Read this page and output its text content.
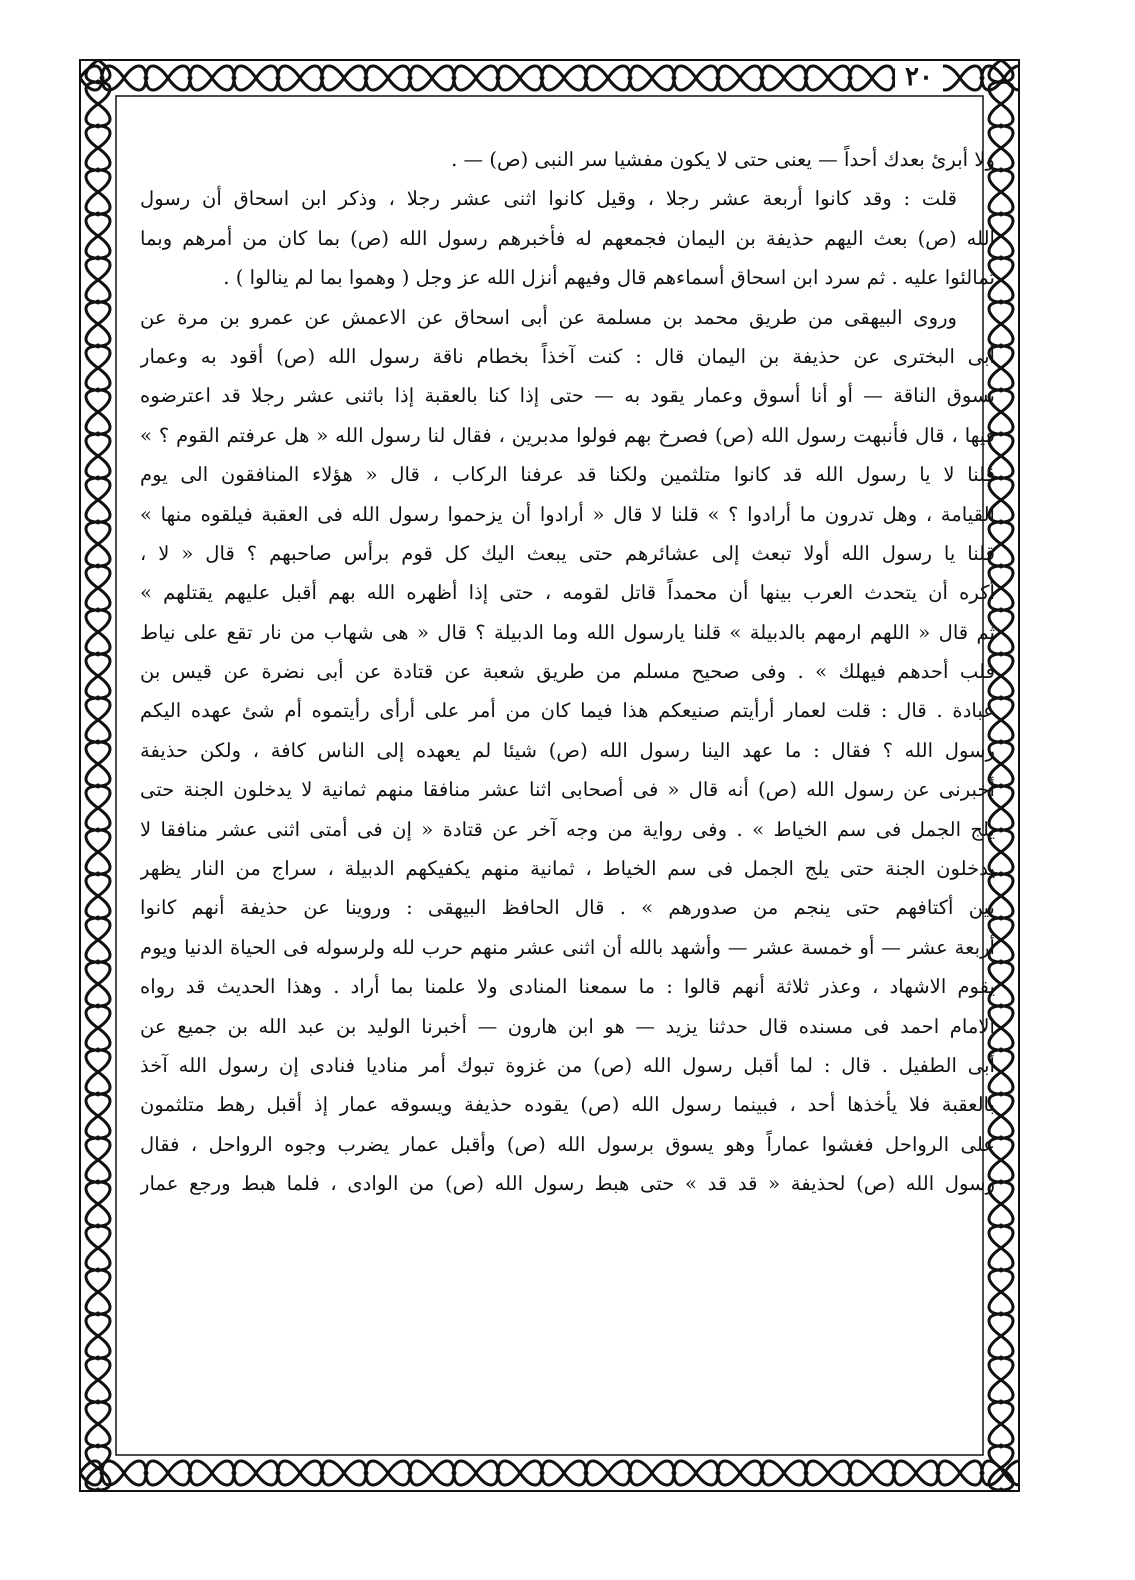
٢٠
ولا أبرئ بعدك أحداً — يعنى حتى لا يكون مفشيا سر النبى (ص) — .
قلت : وقد كانوا أربعة عشر رجلا ، وقيل كانوا اثنى عشر رجلا ، وذكر ابن اسحاق أن رسول
الله (ص) بعث اليهم حذيفة بن اليمان فجمعهم له فأخبرهم رسول الله (ص) بما كان من أمرهم وبما
تمالئوا عليه . ثم سرد ابن اسحاق أسماءهم قال وفيهم أنزل الله عز وجل ( وهموا بما لم ينالوا ) .
وروى البيهقى من طريق محمد بن مسلمة عن أبى اسحاق عن الاعمش عن عمرو بن مرة عن
أبى البخترى عن حذيفة بن اليمان قال : كنت آخذاً بخطام ناقة رسول الله (ص) أقود به وعمار
يسوق الناقة — أو أنا أسوق وعمار يقود به — حتى إذا كنا بالعقبة إذا باثنى عشر رجلا قد اعترضوه
فيها ، قال فأنبهت رسول الله (ص) فصرخ بهم فولوا مدبرين ، فقال لنا رسول الله « هل عرفتم القوم ؟ »
قلنا لا يا رسول الله قد كانوا متلثمين ولكنا قد عرفنا الركاب ، قال « هؤلاء المنافقون الى يوم
القيامة ، وهل تدرون ما أرادوا ؟ » قلنا لا قال « أرادوا أن يزحموا رسول الله فى العقبة فيلقوه منها »
قلنا يا رسول الله أولا تبعث إلى عشائرهم حتى يبعث اليك كل قوم برأس صاحبهم ؟ قال « لا ،
أكره أن يتحدث العرب بينها أن محمداً قاتل لقومه ، حتى إذا أظهره الله بهم أقبل عليهم يقتلهم »
ثم قال « اللهم ارمهم بالدبيلة » قلنا يارسول الله وما الدبيلة ؟ قال « هى شهاب من نار تقع على نياط
قلب أحدهم فيهلك » . وفى صحيح مسلم من طريق شعبة عن قتادة عن أبى نضرة عن قيس بن
عبادة . قال : قلت لعمار أرأيتم صنيعكم هذا فيما كان من أمر على أرأى رأيتموه أم شئ عهده اليكم
رسول الله ؟ فقال : ما عهد الينا رسول الله (ص) شيئا لم يعهده إلى الناس كافة ، ولكن حذيفة
أخبرنى عن رسول الله (ص) أنه قال « فى أصحابى اثنا عشر منافقا منهم ثمانية لا يدخلون الجنة حتى
يلج الجمل فى سم الخياط » . وفى رواية من وجه آخر عن قتادة « إن فى أمتى اثنى عشر منافقا لا
يدخلون الجنة حتى يلج الجمل فى سم الخياط ، ثمانية منهم يكفيكهم الدبيلة ، سراج من النار يظهر
بين أكتافهم حتى ينجم من صدورهم » . قال الحافظ البيهقى : وروينا عن حذيفة أنهم كانوا
أربعة عشر — أو خمسة عشر — وأشهد بالله أن اثنى عشر منهم حرب لله ولرسوله فى الحياة الدنيا ويوم
يقوم الاشهاد ، وعذر ثلاثة أنهم قالوا : ما سمعنا المنادى ولا علمنا بما أراد . وهذا الحديث قد رواه
الامام احمد فى مسنده قال حدثنا يزيد — هو ابن هارون — أخبرنا الوليد بن عبد الله بن جميع عن
أبى الطفيل . قال : لما أقبل رسول الله (ص) من غزوة تبوك أمر مناديا فنادى إن رسول الله آخذ
بالعقبة فلا يأخذها أحد ، فبينما رسول الله (ص) يقوده حذيفة ويسوقه عمار إذ أقبل رهط متلثمون
على الرواحل فغشوا عماراً وهو يسوق برسول الله (ص) وأقبل عمار يضرب وجوه الرواحل ، فقال
رسول الله (ص) لحذيفة « قد قد » حتى هبط رسول الله (ص) من الوادى ، فلما هبط ورجع عمار
